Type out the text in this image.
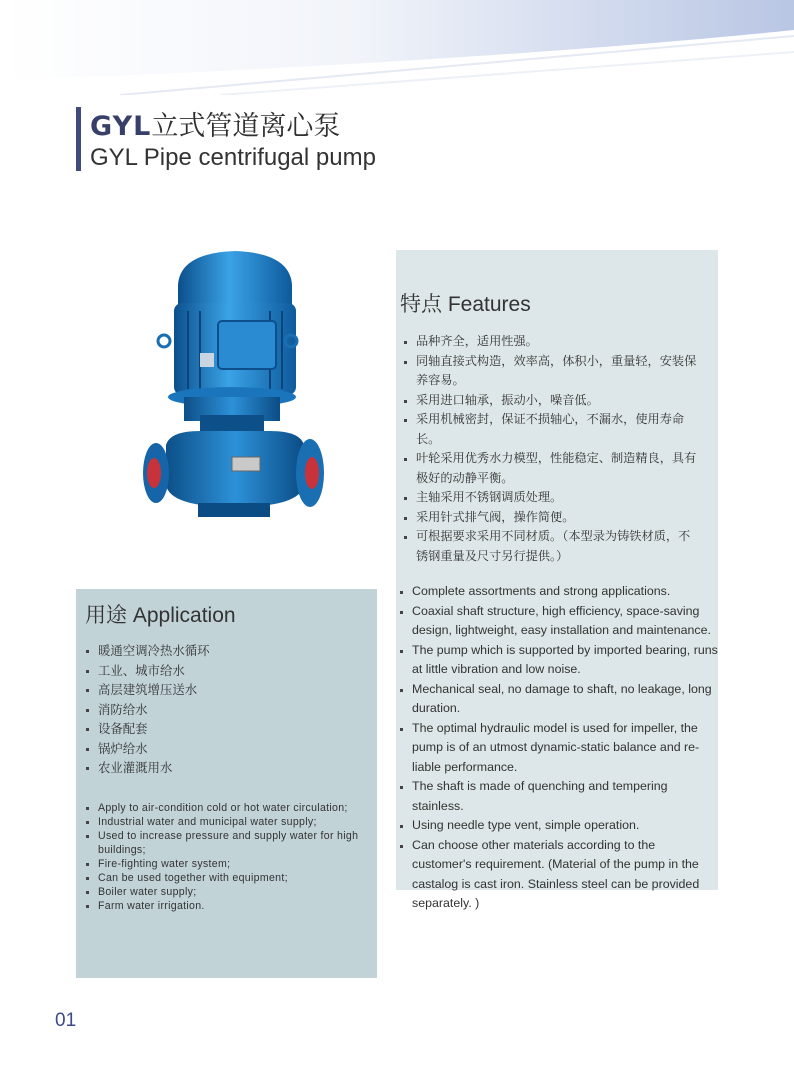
GYL立式管道离心泵
GYL Pipe centrifugal pump
特点 Features
品种齐全，适用性强。
同轴直接式构造，效率高，体积小，重量轻，安装保养容易。
采用进口轴承，振动小，噪音低。
采用机械密封，保证不损轴心，不漏水，使用寿命长。
叶轮采用优秀水力模型，性能稳定、制造精良，具有极好的动静平衡。
主轴采用不锈钢调质处理。
采用针式排气阀，操作简便。
可根据要求采用不同材质。（本型录为铸铁材质，不锈钢重量及尺寸另行提供。）
Complete assortments and strong applications.
Coaxial shaft structure, high efficiency, space-saving design, lightweight, easy installation and maintenance.
The pump which is supported by imported bearing, runs at little vibration and low noise.
Mechanical seal, no damage to shaft, no leakage, long duration.
The optimal hydraulic model is used for impeller, the pump is of an utmost dynamic-static balance and re-liable performance.
The shaft is made of quenching and tempering stainless.
Using needle type vent, simple operation.
Can choose other materials according to the customer's requirement. (Material of the pump in the castalog is cast iron. Stainless steel can be provided separately. )
用途 Application
暖通空调冷热水循环
工业、城市给水
高层建筑增压送水
消防给水
设备配套
锅炉给水
农业灌溉用水
Apply to air-condition cold or hot water circulation;
Industrial water and municipal water supply;
Used to increase pressure and supply water for high buildings;
Fire-fighting water system;
Can be used together with equipment;
Boiler water supply;
Farm water irrigation.
01
